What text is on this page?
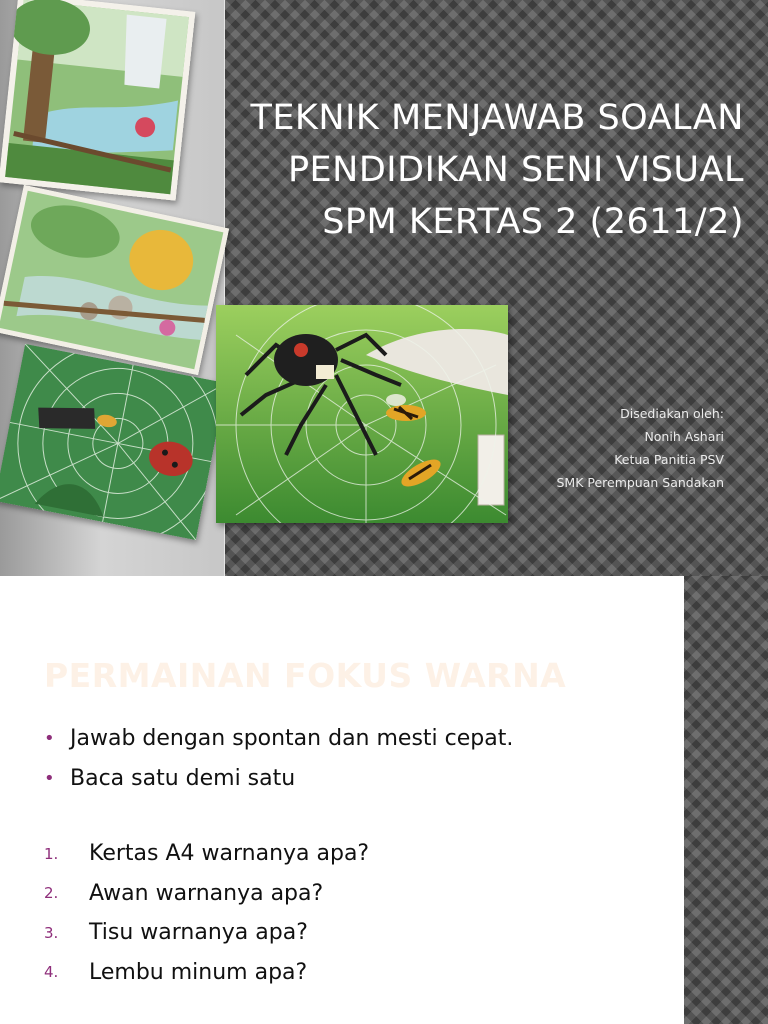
TEKNIK MENJAWAB SOALAN
PENDIDIKAN SENI VISUAL
SPM KERTAS 2 (2611/2)
Disediakan oleh:
Nonih Ashari
Ketua Panitia PSV
SMK Perempuan Sandakan
PERMAINAN FOKUS WARNA
• Jawab dengan spontan dan mesti cepat.
• Baca satu demi satu
1.	Kertas A4 warnanya apa?
2.	Awan warnanya apa?
3.	Tisu warnanya apa?
4.	Lembu minum apa?
